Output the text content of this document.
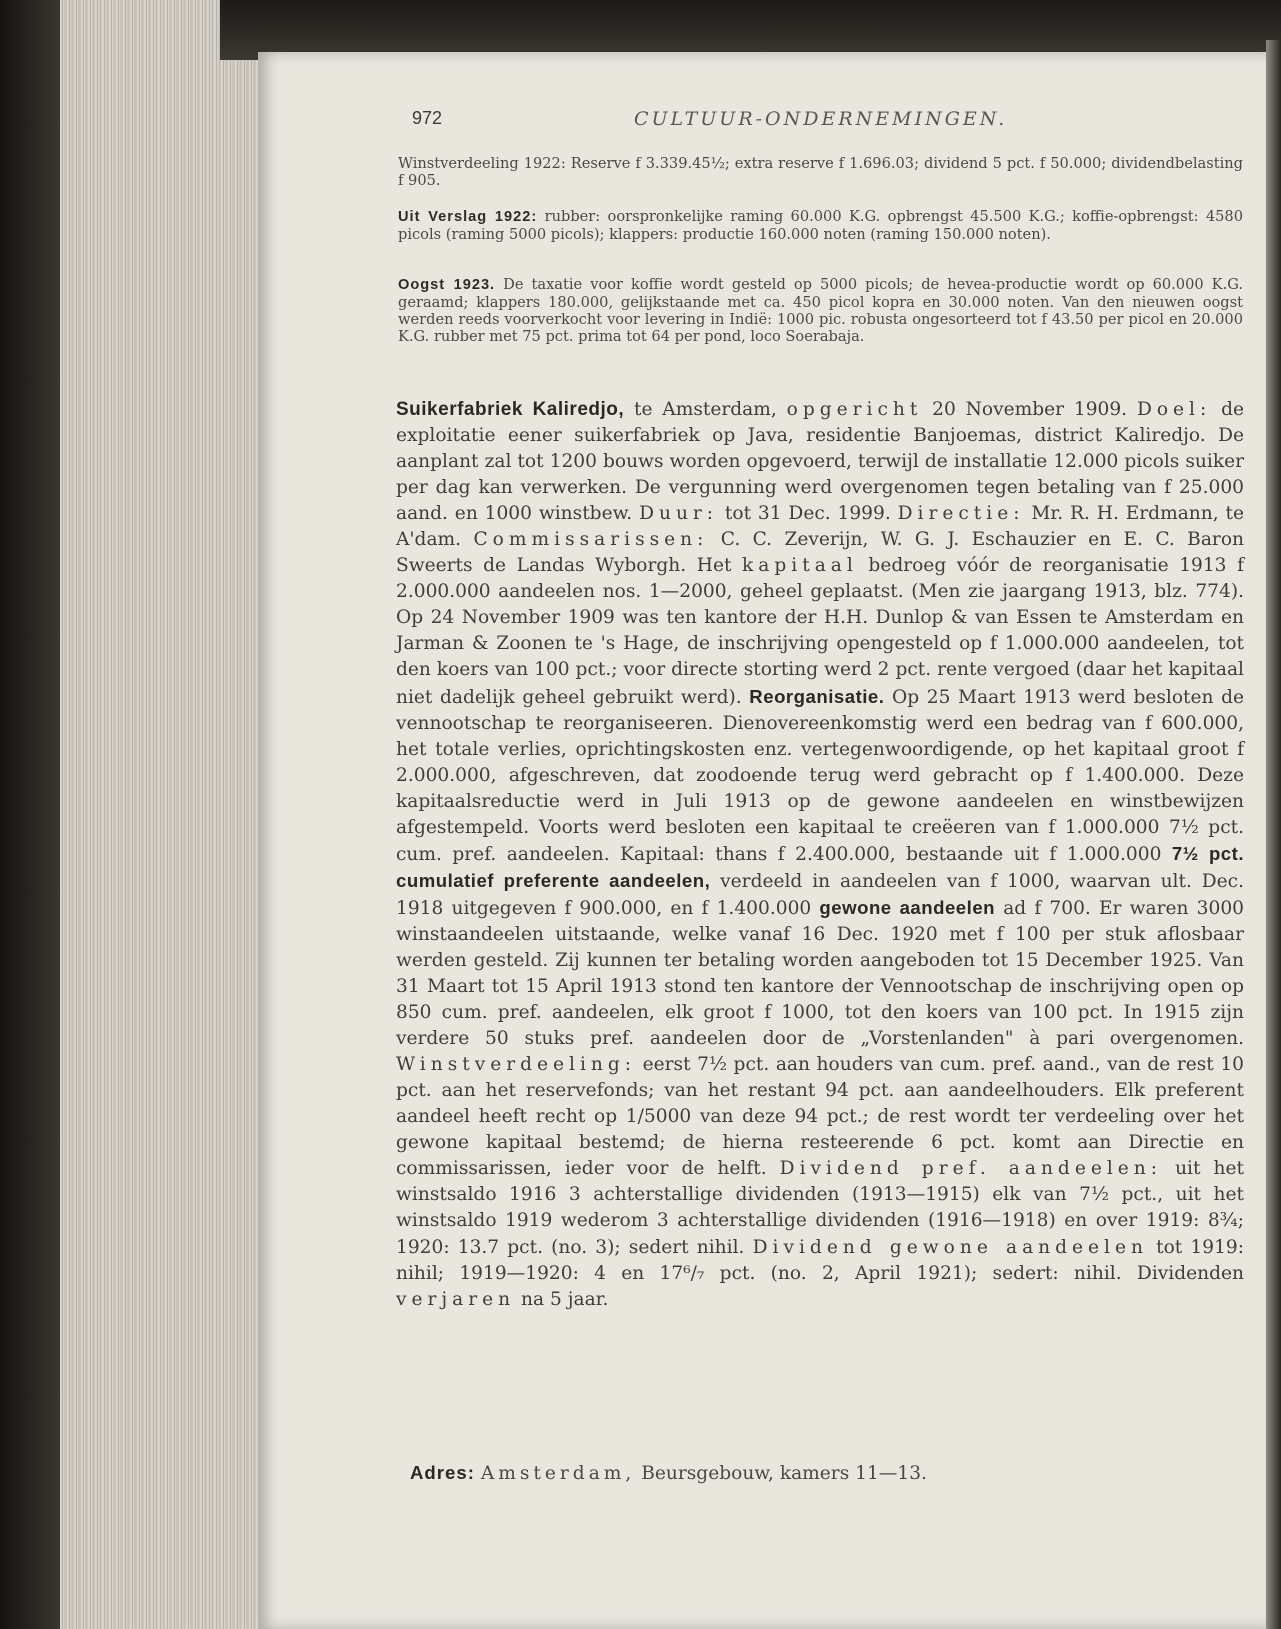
972	CULTUUR-ONDERNEMINGEN.

Winstverdeeling 1922: Reserve f 3.339.45½; extra reserve f 1.696.03; dividend 5 pct. f 50.000; dividendbelasting f 905.

Uit Verslag 1922: rubber: oorspronkelijke raming 60.000 K.G. opbrengst 45.500 K.G.; koffie-opbrengst: 4580 picols (raming 5000 picols); klappers: productie 160.000 noten (raming 150.000 noten).

Oogst 1923. De taxatie voor koffie wordt gesteld op 5000 picols; de hevea-productie wordt op 60.000 K.G. geraamd; klappers 180.000, gelijkstaande met ca. 450 picol kopra en 30.000 noten. Van den nieuwen oogst werden reeds voorverkocht voor levering in Indië: 1000 pic. robusta ongesorteerd tot f 43.50 per picol en 20.000 K.G. rubber met 75 pct. prima tot 64 per pond, loco Soerabaja.

Suikerfabriek Kaliredjo, te Amsterdam, opgericht 20 November 1909. Doel: de exploitatie eener suikerfabriek op Java, residentie Banjoemas, district Kaliredjo. De aanplant zal tot 1200 bouws worden opgevoerd, terwijl de installatie 12.000 picols suiker per dag kan verwerken. De vergunning werd overgenomen tegen betaling van f 25.000 aand. en 1000 winstbew. Duur: tot 31 Dec. 1999. Directie: Mr. R. H. Erdmann, te A'dam. Commissarissen: C. C. Zeverijn, W. G. J. Eschauzier en E. C. Baron Sweerts de Landas Wyborgh. Het kapitaal bedroeg vóór de reorganisatie 1913 f 2.000.000 aandeelen nos. 1—2000, geheel geplaatst. (Men zie jaargang 1913, blz. 774). Op 24 November 1909 was ten kantore der H.H. Dunlop & van Essen te Amsterdam en Jarman & Zoonen te 's Hage, de inschrijving opengesteld op f 1.000.000 aandeelen, tot den koers van 100 pct.; voor directe storting werd 2 pct. rente vergoed (daar het kapitaal niet dadelijk geheel gebruikt werd). Reorganisatie. Op 25 Maart 1913 werd besloten de vennootschap te reorganiseeren. Dienovereenkomstig werd een bedrag van f 600.000, het totale verlies, oprichtingskosten enz. vertegenwoordigende, op het kapitaal groot f 2.000.000, afgeschreven, dat zoodoende terug werd gebracht op f 1.400.000. Deze kapitaalsreductie werd in Juli 1913 op de gewone aandeelen en winstbewijzen afgestempeld. Voorts werd besloten een kapitaal te creëeren van f 1.000.000 7½ pct. cum. pref. aandeelen. Kapitaal: thans f 2.400.000, bestaande uit f 1.000.000 7½ pct. cumulatief preferente aandeelen, verdeeld in aandeelen van f 1000, waarvan ult. Dec. 1918 uitgegeven f 900.000, en f 1.400.000 gewone aandeelen ad f 700. Er waren 3000 winstaandeelen uitstaande, welke vanaf 16 Dec. 1920 met f 100 per stuk aflosbaar werden gesteld. Zij kunnen ter betaling worden aangeboden tot 15 December 1925. Van 31 Maart tot 15 April 1913 stond ten kantore der Vennootschap de inschrijving open op 850 cum. pref. aandeelen, elk groot f 1000, tot den koers van 100 pct. In 1915 zijn verdere 50 stuks pref. aandeelen door de „Vorstenlanden" à pari overgenomen. Winstverdeeling: eerst 7½ pct. aan houders van cum. pref. aand., van de rest 10 pct. aan het reservefonds; van het restant 94 pct. aan aandeelhouders. Elk preferent aandeel heeft recht op 1/5000 van deze 94 pct.; de rest wordt ter verdeeling over het gewone kapitaal bestemd; de hierna resteerende 6 pct. komt aan Directie en commissarissen, ieder voor de helft. Dividend pref. aandeelen: uit het winstsaldo 1916 3 achterstallige dividenden (1913—1915) elk van 7½ pct., uit het winstsaldo 1919 wederom 3 achterstallige dividenden (1916—1918) en over 1919: 8¾; 1920: 13.7 pct. (no. 3); sedert nihil. Dividend gewone aandeelen tot 1919: nihil; 1919—1920: 4 en 17⁶/₇ pct. (no. 2, April 1921); sedert: nihil. Dividenden verjaren na 5 jaar.

Adres: Amsterdam, Beursgebouw, kamers 11—13.
